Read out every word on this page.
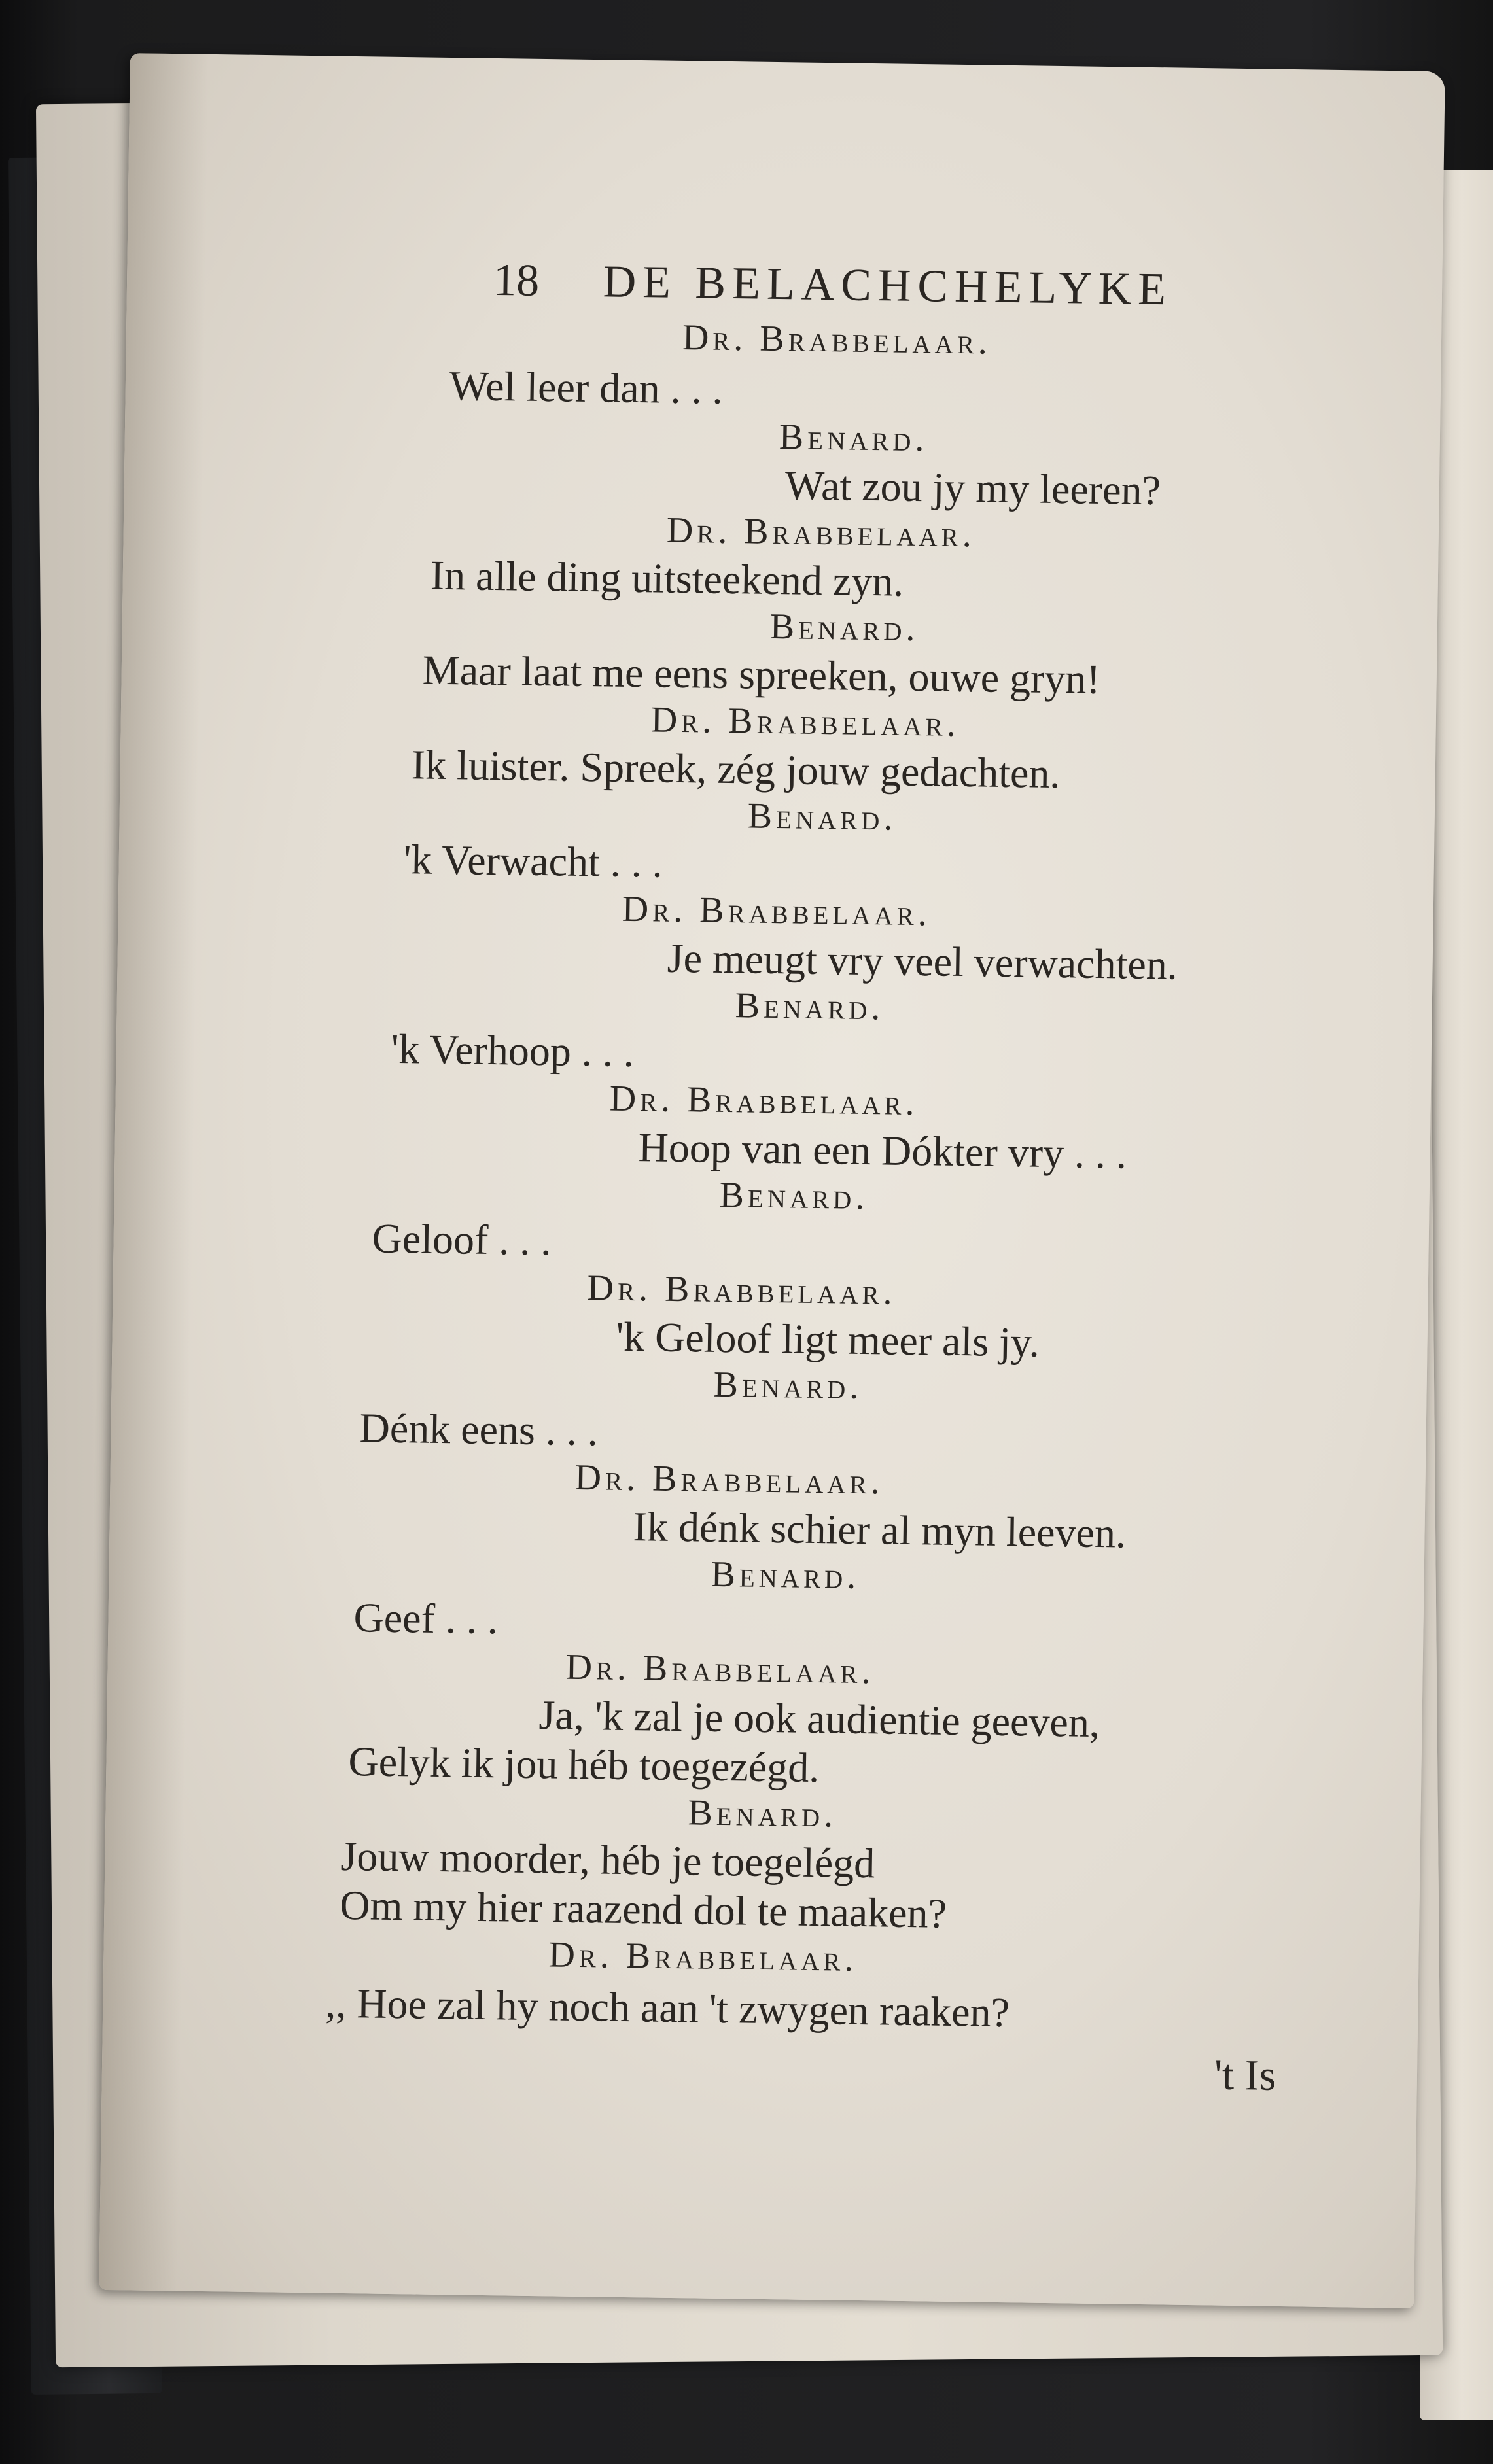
18 DE BELACHCHELYKE
Dr. Brabbelaar.
Wel leer dan . . .
Benard.
Wat zou jy my leeren?
Dr. Brabbelaar.
In alle ding uitsteekend zyn.
Benard.
Maar laat me eens spreeken, ouwe gryn!
Dr. Brabbelaar.
Ik luister. Spreek, zég jouw gedachten.
Benard.
'k Verwacht . . .
Dr. Brabbelaar.
Je meugt vry veel verwachten.
Benard.
'k Verhoop . . .
Dr. Brabbelaar.
Hoop van een Dókter vry . . .
Benard.
Geloof . . .
Dr. Brabbelaar.
'k Geloof ligt meer als jy.
Benard.
Dénk eens . . .
Dr. Brabbelaar.
Ik dénk schier al myn leeven.
Benard.
Geef . . .
Dr. Brabbelaar.
Ja, 'k zal je ook audientie geeven,
Gelyk ik jou héb toegezégd.
Benard.
Jouw moorder, héb je toegelégd
Om my hier raazend dol te maaken?
Dr. Brabbelaar.
,, Hoe zal hy noch aan 't zwygen raaken?
't Is
